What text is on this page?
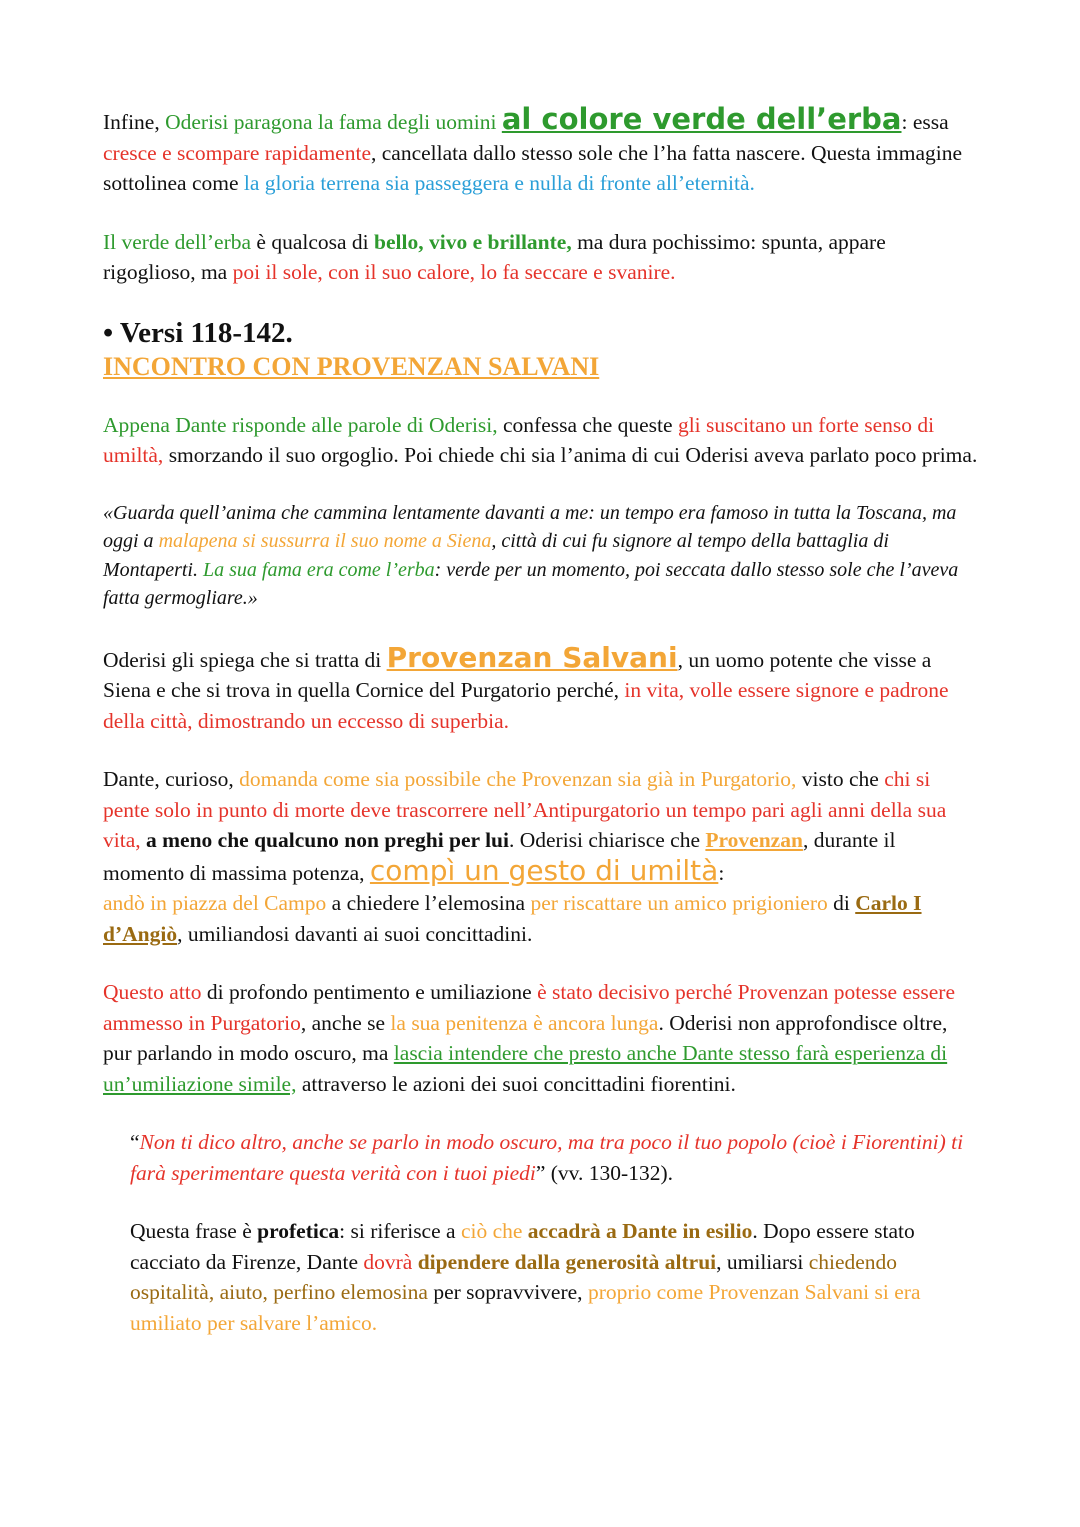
Infine, Oderisi paragona la fama degli uomini al colore verde dell’erba: essa cresce e scompare rapidamente, cancellata dallo stesso sole che l’ha fatta nascere. Questa immagine sottolinea come la gloria terrena sia passeggera e nulla di fronte all’eternità.

Il verde dell’erba è qualcosa di bello, vivo e brillante, ma dura pochissimo: spunta, appare rigoglioso, ma poi il sole, con il suo calore, lo fa seccare e svanire.

• Versi 118-142.

INCONTRO CON PROVENZAN SALVANI

Appena Dante risponde alle parole di Oderisi, confessa che queste gli suscitano un forte senso di umiltà, smorzando il suo orgoglio. Poi chiede chi sia l’anima di cui Oderisi aveva parlato poco prima.

«Guarda quell’anima che cammina lentamente davanti a me: un tempo era famoso in tutta la Toscana, ma oggi a malapena si sussurra il suo nome a Siena, città di cui fu signore al tempo della battaglia di Montaperti. La sua fama era come l’erba: verde per un momento, poi seccata dallo stesso sole che l’aveva fatta germogliare.»

Oderisi gli spiega che si tratta di Provenzan Salvani, un uomo potente che visse a Siena e che si trova in quella Cornice del Purgatorio perché, in vita, volle essere signore e padrone della città, dimostrando un eccesso di superbia.

Dante, curioso, domanda come sia possibile che Provenzan sia già in Purgatorio, visto che chi si pente solo in punto di morte deve trascorrere nell’Antipurgatorio un tempo pari agli anni della sua vita, a meno che qualcuno non preghi per lui. Oderisi chiarisce che Provenzan, durante il momento di massima potenza, compì un gesto di umiltà:
andò in piazza del Campo a chiedere l’elemosina per riscattare un amico prigioniero di Carlo I d’Angiò, umiliandosi davanti ai suoi concittadini.

Questo atto di profondo pentimento e umiliazione è stato decisivo perché Provenzan potesse essere ammesso in Purgatorio, anche se la sua penitenza è ancora lunga. Oderisi non approfondisce oltre, pur parlando in modo oscuro, ma lascia intendere che presto anche Dante stesso farà esperienza di un’umiliazione simile, attraverso le azioni dei suoi concittadini fiorentini.

“Non ti dico altro, anche se parlo in modo oscuro, ma tra poco il tuo popolo (cioè i Fiorentini) ti farà sperimentare questa verità con i tuoi piedi” (vv. 130-132).

Questa frase è profetica: si riferisce a ciò che accadrà a Dante in esilio. Dopo essere stato cacciato da Firenze, Dante dovrà dipendere dalla generosità altrui, umiliarsi chiedendo ospitalità, aiuto, perfino elemosina per sopravvivere, proprio come Provenzan Salvani si era umiliato per salvare l’amico.
